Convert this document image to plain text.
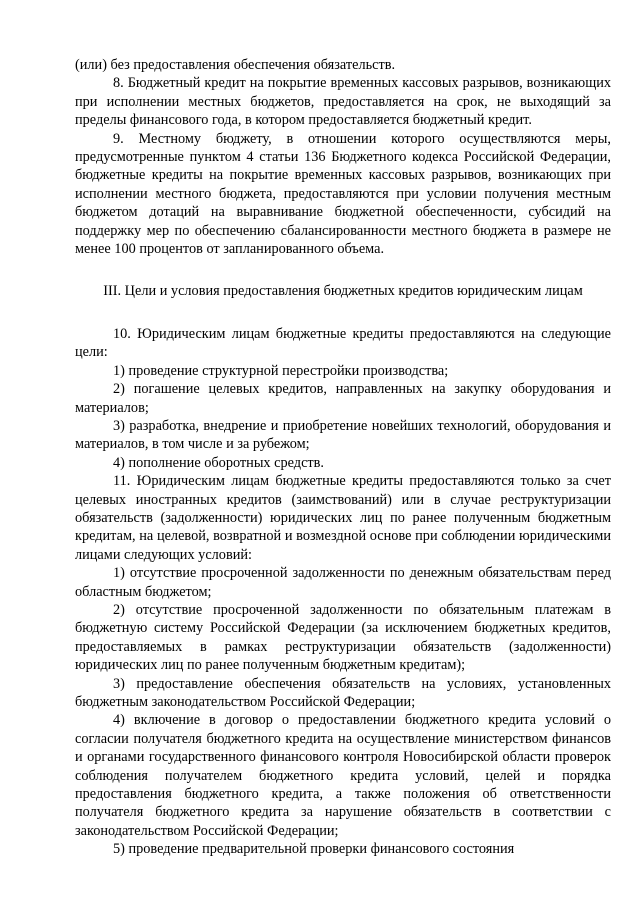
(или) без предоставления обеспечения обязательств.

8. Бюджетный кредит на покрытие временных кассовых разрывов, возникающих при исполнении местных бюджетов, предоставляется на срок, не выходящий за пределы финансового года, в котором предоставляется бюджетный кредит.

9. Местному бюджету, в отношении которого осуществляются меры, предусмотренные пунктом 4 статьи 136 Бюджетного кодекса Российской Федерации, бюджетные кредиты на покрытие временных кассовых разрывов, возникающих при исполнении местного бюджета, предоставляются при условии получения местным бюджетом дотаций на выравнивание бюджетной обеспеченности, субсидий на поддержку мер по обеспечению сбалансированности местного бюджета в размере не менее 100 процентов от запланированного объема.

III. Цели и условия предоставления бюджетных кредитов юридическим лицам

10. Юридическим лицам бюджетные кредиты предоставляются на следующие цели:

1) проведение структурной перестройки производства;

2) погашение целевых кредитов, направленных на закупку оборудования и материалов;

3) разработка, внедрение и приобретение новейших технологий, оборудования и материалов, в том числе и за рубежом;

4) пополнение оборотных средств.

11. Юридическим лицам бюджетные кредиты предоставляются только за счет целевых иностранных кредитов (заимствований) или в случае реструктуризации обязательств (задолженности) юридических лиц по ранее полученным бюджетным кредитам, на целевой, возвратной и возмездной основе при соблюдении юридическими лицами следующих условий:

1) отсутствие просроченной задолженности по денежным обязательствам перед областным бюджетом;

2) отсутствие просроченной задолженности по обязательным платежам в бюджетную систему Российской Федерации (за исключением бюджетных кредитов, предоставляемых в рамках реструктуризации обязательств (задолженности) юридических лиц по ранее полученным бюджетным кредитам);

3) предоставление обеспечения обязательств на условиях, установленных бюджетным законодательством Российской Федерации;

4) включение в договор о предоставлении бюджетного кредита условий о согласии получателя бюджетного кредита на осуществление министерством финансов и органами государственного финансового контроля Новосибирской области проверок соблюдения получателем бюджетного кредита условий, целей и порядка предоставления бюджетного кредита, а также положения об ответственности получателя бюджетного кредита за нарушение обязательств в соответствии с законодательством Российской Федерации;

5) проведение предварительной проверки финансового состояния
